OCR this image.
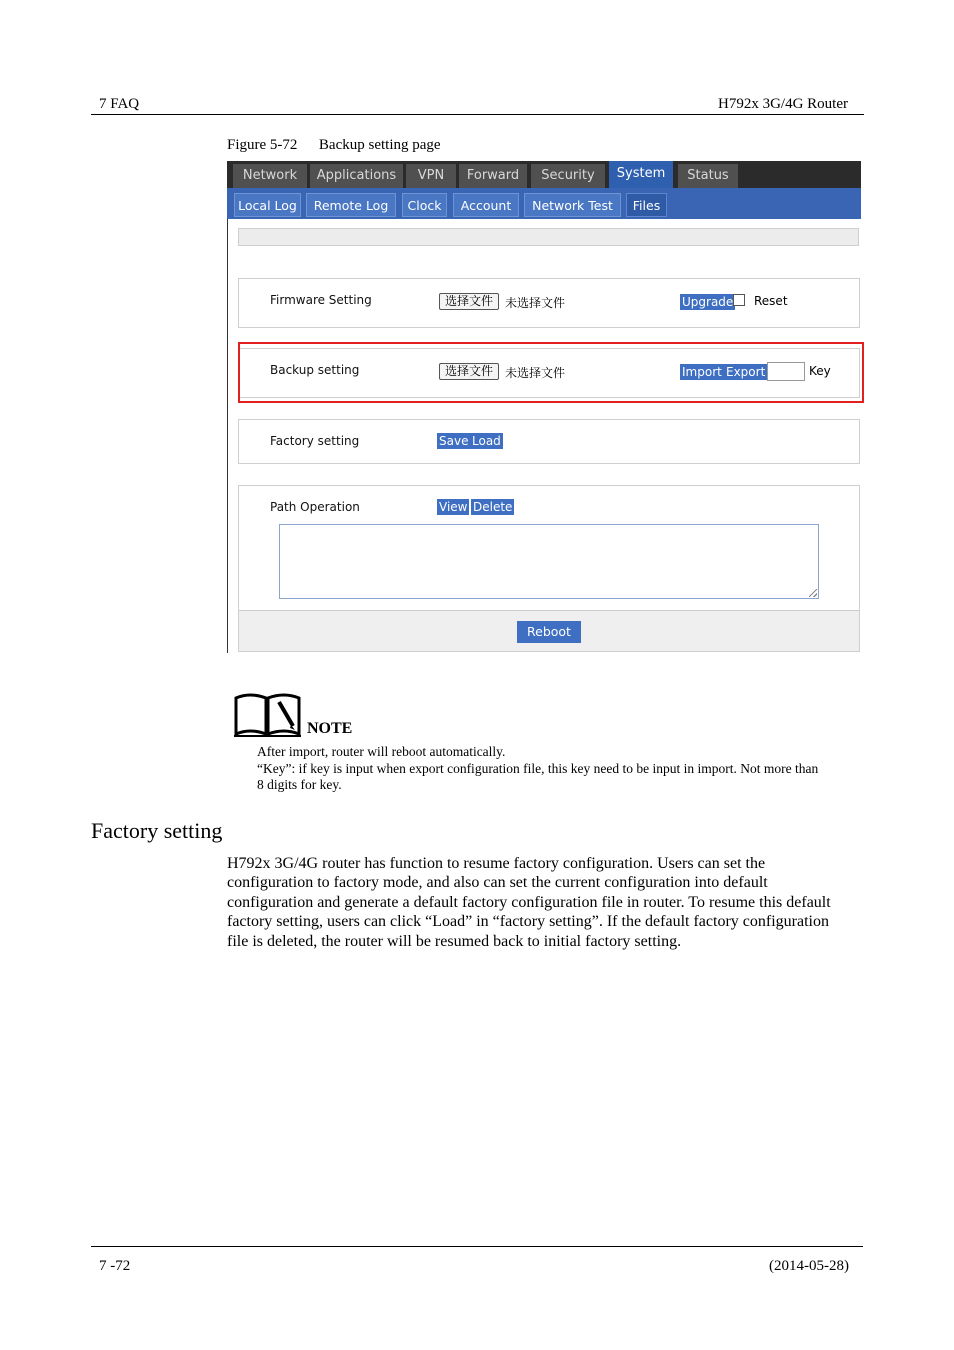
7 FAQ	H792x 3G/4G Router
Figure 5-72 Backup setting page
Network	Applications	VPN	Forward	Security	System	Status
Local Log	Remote Log	Clock	Account	Network Test	Files
Firmware Setting	选择文件 未选择文件	Upgrade Reset
Backup setting	选择文件 未选择文件	Import Export	Key
Factory setting	Save Load
Path Operation	View Delete
Reboot
NOTE
After import, router will reboot automatically.
“Key”: if key is input when export configuration file, this key need to be input in import. Not more than
8 digits for key.
Factory setting
H792x 3G/4G router has function to resume factory configuration. Users can set the
configuration to factory mode, and also can set the current configuration into default
configuration and generate a default factory configuration file in router. To resume this default
factory setting, users can click “Load” in “factory setting”. If the default factory configuration
file is deleted, the router will be resumed back to initial factory setting.
7 -72	(2014-05-28)
